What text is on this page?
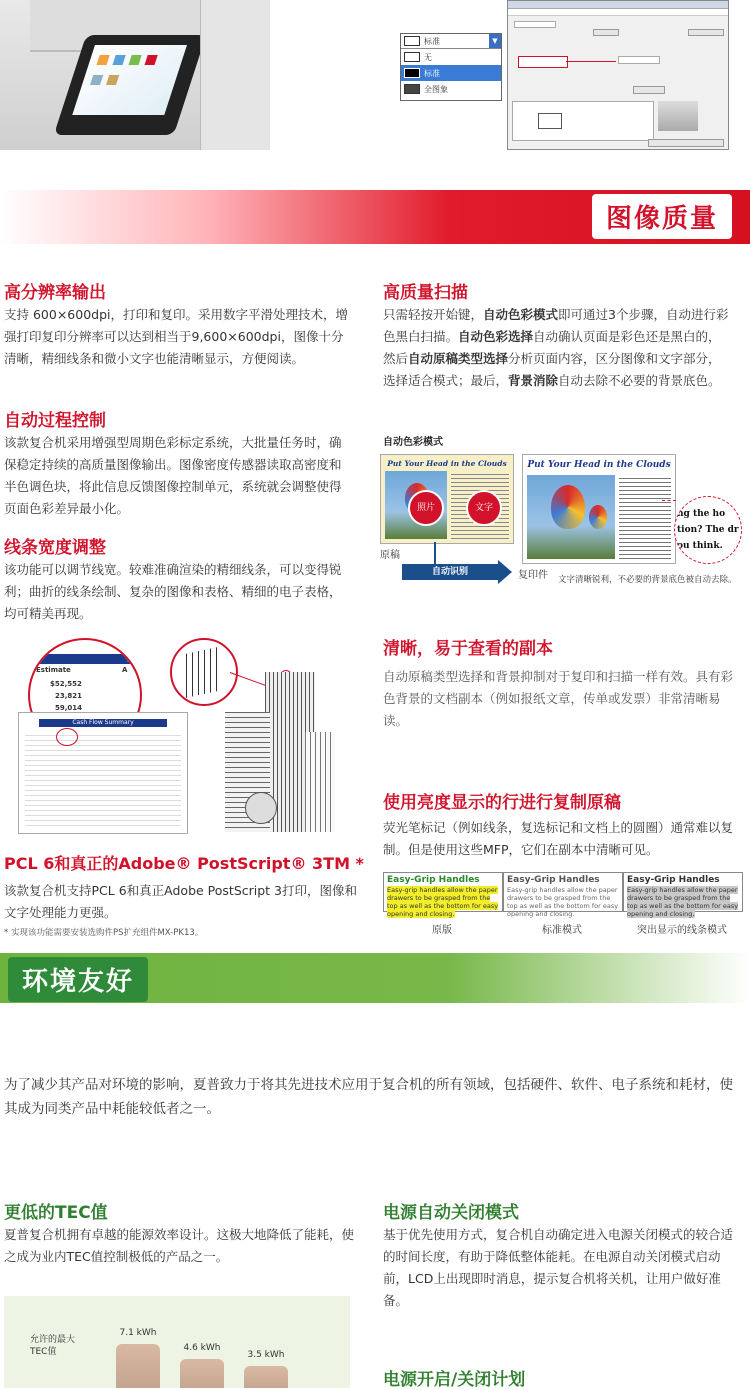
标准	▼
无
标准
全图象
图像质量
高分辨率输出
支持 600×600dpi，打印和复印。采用数字平滑处理技术，增强打印复印分辨率可以达到相当于9,600×600dpi，图像十分清晰，精细线条和微小文字也能清晰显示，方便阅读。
自动过程控制
该款复合机采用增强型周期色彩标定系统，大批量任务时，确保稳定持续的高质量图像输出。图像密度传感器读取高密度和半色调色块，将此信息反馈图像控制单元，系统就会调整使得页面色彩差异最小化。
线条宽度调整
该功能可以调节线宽。较难准确渲染的精细线条，可以变得锐利；曲折的线条绘制、复杂的图像和表格、精细的电子表格，均可精美再现。
JA
Estimate	A
$52,552
23,821
59,014
Cash Flow Summary
PCL 6和真正的Adobe® PostScript® 3TM *
该款复合机支持PCL 6和真正Adobe PostScript 3打印，图像和文字处理能力更强。
* 实现该功能需要安装选购件PS扩充组件MX-PK13。
高质量扫描
只需轻按开始键，自动色彩模式即可通过3个步骤，自动进行彩色黑白扫描。自动色彩选择自动确认页面是彩色还是黑白的，然后自动原稿类型选择分析页面内容，区分图像和文字部分，选择适合模式；最后，背景消除自动去除不必要的背景底色。
自动色彩模式
Put Your Head in the Clouds
照片	文字
原稿
自动识别	复印件
Put Your Head in the Clouds
ng the ho
tion? The dr
ou think.
文字清晰锐利，不必要的背景底色被自动去除。
清晰，易于查看的副本
自动原稿类型选择和背景抑制对于复印和扫描一样有效。具有彩色背景的文档副本（例如报纸文章，传单或发票）非常清晰易读。
使用亮度显示的行进行复制原稿
荧光笔标记（例如线条，复选标记和文档上的圆圈）通常难以复制。但是使用这些MFP，它们在副本中清晰可见。
Easy-Grip Handles
Easy-grip handles allow the paper drawers to be grasped from the top as well as the bottom for easy opening and closing.
Easy-Grip Handles
Easy-grip handles allow the paper drawers to be grasped from the top as well as the bottom for easy opening and closing.
Easy-Grip Handles
Easy-grip handles allow the paper drawers to be grasped from the top as well as the bottom for easy opening and closing.
原版	标准模式	突出显示的线条模式
环境友好
为了减少其产品对环境的影响，夏普致力于将其先进技术应用于复合机的所有领域，包括硬件、软件、电子系统和耗材，使其成为同类产品中耗能较低者之一。
更低的TEC值
夏普复合机拥有卓越的能源效率设计。这极大地降低了能耗，使之成为业内TEC值控制极低的产品之一。
允许的最大TEC值
7.1 kWh
4.6 kWh
3.5 kWh
电源自动关闭模式
基于优先使用方式，复合机自动确定进入电源关闭模式的较合适的时间长度，有助于降低整体能耗。在电源自动关闭模式启动前，LCD上出现即时消息，提示复合机将关机，让用户做好准备。
电源开启/关闭计划
